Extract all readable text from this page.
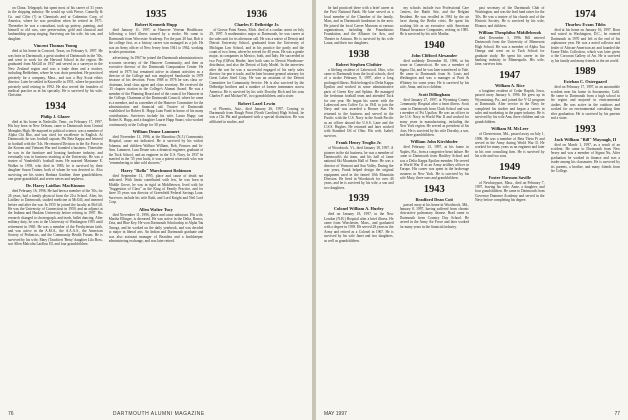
on China. Telegraph, but spent most of his career of 31 years in the shipping industry. He would up with Pierce, Connelly & Co. and Cilirr (?) in Chemicals and at Cubernius Corp. of America, where he was president when he retired in 1971. Thereafter he was a consultant, took up pottery, painting, and himself to old cars, rare preservation, gold and classical and husbandship group singing. Surviving are his wife, his son, and daughter.

Vincent Thomas Young

died at his home in Concord, Texas, on February 6, 1997. He was born in Dartmouth, a great student of Dartmouth in the '30s, and went to work for the Harvard School in the region. He graduated from McGill in 1937 and served as a surveyor in the New Zealand region and was a trade dean and a teacher, including Bethlehem, where he was choir president. He practiced privately for a company, Mass., and was a Boy Scout ethics director. Later he settled in Knoxville in 1951, where he practiced privately until retiring in 1992. He also served the founders of medical practice as in his specialty. He is survived by his wife, Christine.

1934
Philip J. Glazer

died at his home in Nashville, Tenn., on February 17, 1997. His boy born in New Orleans, came to Dartmouth from Central Memphis High. He majored in political science, was a member of Alpha Chi Rho, and was cited for excellence in English. At Dartmouth, he was football captain, Phi Beta Kappa and lettered in football with the '34s. He returned Division in the Air Force in the Korean and Vietnam War and founded a business. Thereafter he was in the furniture and housing hardware industry, and eventually was in business teaching at the University. He was a trustee of Vanderbilt's football team. He married Marianne E. Walker in 1939, who died in 1983; he is survived by their daughter Susan Trainer, both of whom he was devoted to. Also surviving are his sisters Barbara Gardner, three grandchildren, one great-grandchild, and seven nieces and nephews.

Dr. Harry Laidlaw MacKinnon

died February 16, 1996. He had been a member of the '30s, for 26 years, had a family physical from the 21st School. Alter, his Laidlaw to Dartmouth, studied medicine at McGill, and interned before and after the war. In 1955 he joined the faculty at McGill. He was the University of Connecticut in 1959, and an adjunct at the Indiana and Haskins University before retiring in 1997. His research changed to choreograph, and teach, ballet dancing. After military duty, he was to the University of Washington 1955 until retirement in 1965. He was a member of the Presbyterian faith, and was active in the A.M.A., the A.A.A.S., the American Society of Pediatrics, and the Community Health Forum. He is survived by his wife, Mary (Tauchieri 'Betsy' daughter Lila Boss, son Allen Malcolm Laidlaw III, and four grandchildren.

1935
Robert Kenneth Hupp

died January 11, 1997, at Hanover Veteran Healthcare, following a brief illness caused by a stroke. He came to Dartmouth from Worcester Academy. For the past 20 last, Bob is the college first, as a history career was managed as a job. He was an Army officer of New Jersey from 1941 to 1962, working in sales promotion.

advertising. In 1967 he joined the Dartmouth administration to accounts secretary of the Hanover Community, and then as executive director of the Dartmouth Computation Center. He retired in 1975 but remained active in alumni activities as a director of the College and was employed Sandcastle in 1978 because of his devotion. From 1968 to 1976 he was class co-chairman, head class agent and class secretary. He received the '35 chapter citation in the College's Alumni Award. He was a member of the Planning Board and of the council for Hanover in the College, Chairman of the Dartmouth Council, where he came as a member, and as a member of the Hanover Committee for the administration and financial aid. Trustee of Dartmouth established for Robert K. Hupp Loan Fund in honor of his many contributions. Survivors include his wife, Laura Hupp; son Robert K. Hupp, and a daughter Laurie Hupp Stuart, who worked continuously at the College for 30 years.

William Deane Lammert

died November 11, 1996, at the Mauritius (N.J.) Community Hospital, cause not indicated. He is survived by his widow Johanna, and children Wallace William, Bob, Frances and Jo-Ann. Lammert, Lara Deane was a deanical engineer, graduate of the Tuck School, and an engineer in the U.S. Navy. In 1937 he married in the '35 year book, it was a potent wisecrack who was "remembering to take cold showers."

Harry "Rollo" Marchmont Robinson

died September 11, 1995, place and cause of death not indicated. With limits contributed with few, he was born in Middle Grove, he was in rigid in Middletown, lived with his "Suggestion of Class" as the King of Family Practice, and for three 35 years was director of Greenfield Federal Savings Loan. Survivors include his wife Ruth, and Lord Knight and Neil Lord Corp.

Allen Walter Tucy

died November 11, 1996, place and cause unknown. His wife, Martha Ellinger, is deceased. He was active in the Delta, Barros, Zeta, and Blue Key. He won Dartmouth Scholarship to Alpha Tau Omega, and he worked on the daily yearbook, and was decided to major in liberal arts. An Indian and Dartmouth graduate and was also assistant manager of Beaulieu and a bookkeeper, administering exchange, and was later retired.

1936
Charles F. Delbridge Jr.

of Grosse Point Farms, Mich. died of a cardiac arrest on July 29, 1997. A mathematics major at Dartmouth, he was career at the sales unit for its afternoon call. He was a native of Detroit and Detroit University School, graduated from the University of Michigan Law School, and in his practice the partly and the count of two firms, where he served for 40 years. He was a gentle major, in companies in Mexico, both, and Italy. He succeeded in two Pop (O)Post Binder, later both sons to Detroit Warehouse-distributor, and also the Detroit of Italy Model. In the interview after the war he was a successful engaged of his early sales director for pen is trade, and he later became general attorney for Great Lakes Steel Corp. He was an assistant of the Detroit Committee for Community Service. He is also survived by the Delbridge brothers and a number of former teammates across America. He is survived by his wife Dorothy Rich and his sons Charles F. and Michael W., two grandchildren, and a sister.

Robert Lazel Lewin

of Phoenix, Ariz., died January 26, 1997. Coming to Dartmouth from Rough Point (North Carolina) High School, he was a Chi Phi and graduated with a special distinction. He was affiliated in studies, and

76	DARTMOUTH ALUMNI MAGAZINE

he had practiced there with a brief career at the First National Bank. He later served as a local member of the Chamber of the family, Mars, and as Dartmouth fundraiser in the area. He joined the local Carver Museum at various organizations, including the Foundations Foundation, and the Alliance for Arts, and Theater in Arizona. He is survived by his wife Laura, and their two daughters.

1938
Robert Stephen Clothier

a lifelong resident of Lakewood, Ohio, who came to Dartmouth from the local schools, died of a stroke February 8, 1997, after a long prolonged illness. Bob belonged to Delta Kappa Epsilon and worked in some administrative parts of Green Key and Sphinx. He managed the freshman football team and attended Tuck for one year. He began his career with the Lakewood area Coffee Co. in 1941 to join the Navy and was awarded a Bronze Star. He returned to the business and served in the Pacific with the U.S. Navy in the South Pacific as an officer aboard the U.S.S. Lane and the U.S.S. Hughes. He returned and later worked with Standard Oil of Ohio. His wife, Isabel, survives.

Frank Henry Truglio Jr.

of Woodstock, Vt., died January 18, 1997. A pioneer in the ski business, he was a member of Dartmouth's ski team, and his hall of fame national Ski Mountain Hall of Fame. He was a director of Vermont and Sun Valley. During the war years, Frank helped design the original equipment used in the famed 10th Mountain Division. He lived in Woodstock for over 40 years, and he is survived by his wife, a son and two daughters.

1939
Colonel William A. Hurley

died on January 18, 1997, in the New London (N.H.) Hospital after a brief illness. He came from Winchester, Mass., and graduated with a degree in 1939. He served 28 years in the Army and retired as a Colonel in 1967. He is survived by his wife Janet and two daughters, as well as grandchildren.

my schools include two Professional Care Centers, the Battle Site, and the Belgian Resident. He was recalled in 1961 by the air force during the Berlin crisis. He spent his working life as an executive with American Mutual Insurance Companies, retiring in 1985. He is survived by his wife Martha.

1940
John Clifford Alexander

died suddenly December 30, 1996, at his home in Connecticut. He was a member of Sigma Chi, and he was later transferred to Yale. He came to Dartmouth from St. Louis and Washington and was a manager at Pratt & Whitney for some years. He is survived by his wife, Anna, and two children.

Scott Dillingham

died January 27, 1997, at Wyoming County Community Hospital after a heart illness. Scott came to Dartmouth from Clark School and was a member of Psi Upsilon. He was an officer in the U.S. Navy in World War II and worked for many years in manufacturing, including the New York region. He served as president of his class. He is survived by his wife Dorothy, a son, and three grandchildren.

William John Kirchhofer

died February 13, 1997, at his home in Naples, Fla., from a congestive heart failure. He came to Dartmouth from Hackley School and was a Delta Kappa Epsilon member. He served in World War II as an Army artillery officer in Europe. His career was spent in the brokerage business in New York. He is survived by his wife Mary, three sons and grandchildren.

1943
Bradford Dean Coit

passed away at his home in Woodstock, Md., January 8, 1997, having suffered from chronic obstructive pulmonary disease. Brad came to Dartmouth from Country Day School. He served in the Army Air Force and later worked for many years in the financial industry.

past secretary of the Dartmouth Club of Washington, and was the lead fund raiser for the '40s. He was a trustee of his church and of the Historic Society. He is survived by his wife, Eleanor, and children.

William Theophilus Middlebrook

died December 1, 1996. Bill entered Dartmouth from the University of Minnesota High School. He was a member of Alpha Tau Omega and went on to Tuck School for graduate study. He spent his career in the banking industry in Minneapolis. His wife, Jane, survives him.

1947
William A. Rice

a longtime resident of Cedar Rapids, Iowa, passed away January 6, 1996. He grew up in Wyomissing, Pa., and joined the V-12 program at Dartmouth. After service in the Navy he completed his studies and began a career in sales and marketing in the paper industry. He is survived by his wife Ann, three children and six grandchildren.

William M. McLeer

of Chestertown, Md., passed away on July 1, 1996. He was a member of Beta Theta Pi and served in the Army during World War II. He worked for many years as an engineer and later in his own consulting firm. He is survived by his wife and two sons.

1949
Foster Harmon Saville

of Newburyport, Mass., died on February 7, 1997, leaving his wife, Anne, a daughter, and four grandchildren. He came to Dartmouth from Governor Dummer Academy and served in the Navy before completing his degree.

1974
Thurlow Evans Tibbs

died at his home on January 16, 1997. Born and raised in Washington, D.C., he entered Dartmouth in 1970 and left at the end of his sophomore year. He was a noted collector and dealer of African-American art and founded the Evans-Tibbs Collection, which was later given to the Corcoran Gallery of Art. He is survived by his family and many friends in the art world.

1989
Esteban C. Ostergaard

died on February 17, 1997, in an automobile accident near his home in Sacramento, Calif. He came to Dartmouth from a high school in the region and majored in environmental studies. He was active in the outdoors and worked for an environmental consulting firm after graduation. He is survived by his parents and a sister.

1993
Jack William "Bill" Maynagh, II

died on March 1, 1997, as a result of an accident. He came to Dartmouth from New Jersey and was a member of Sigma Nu. After graduation he worked in finance and was a leader among his classmates. He is survived by his parents, a brother, and many friends from the College.

MAY 1997	77
